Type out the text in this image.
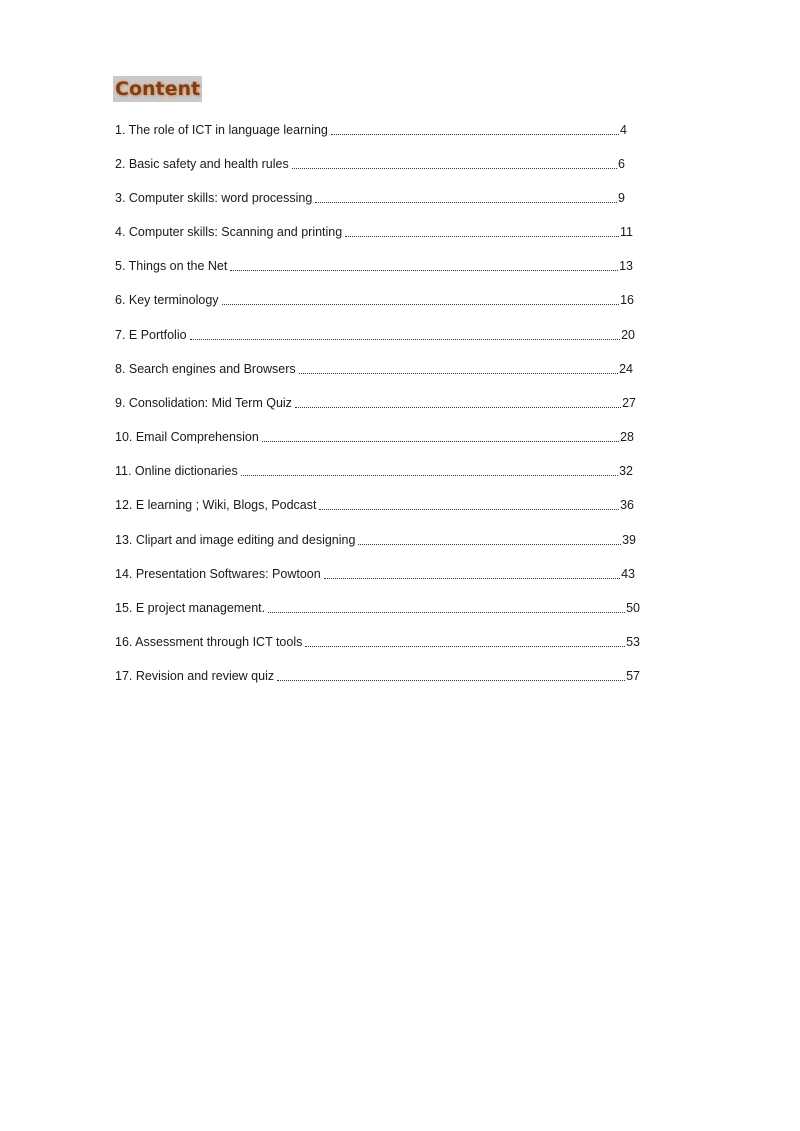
Content
1. The role of ICT in language learning	4
2. Basic safety and health rules	6
3. Computer skills: word processing	9
4. Computer skills: Scanning and printing	11
5. Things on the Net	13
6. Key terminology	16
7. E Portfolio	20
8. Search engines and Browsers	24
9. Consolidation: Mid Term Quiz	27
10. Email Comprehension	28
11. Online dictionaries	32
12. E learning ; Wiki, Blogs, Podcast	36
13. Clipart and image editing and designing	39
14. Presentation Softwares: Powtoon	43
15. E project management.	50
16. Assessment through ICT tools	53
17. Revision and review quiz	57
